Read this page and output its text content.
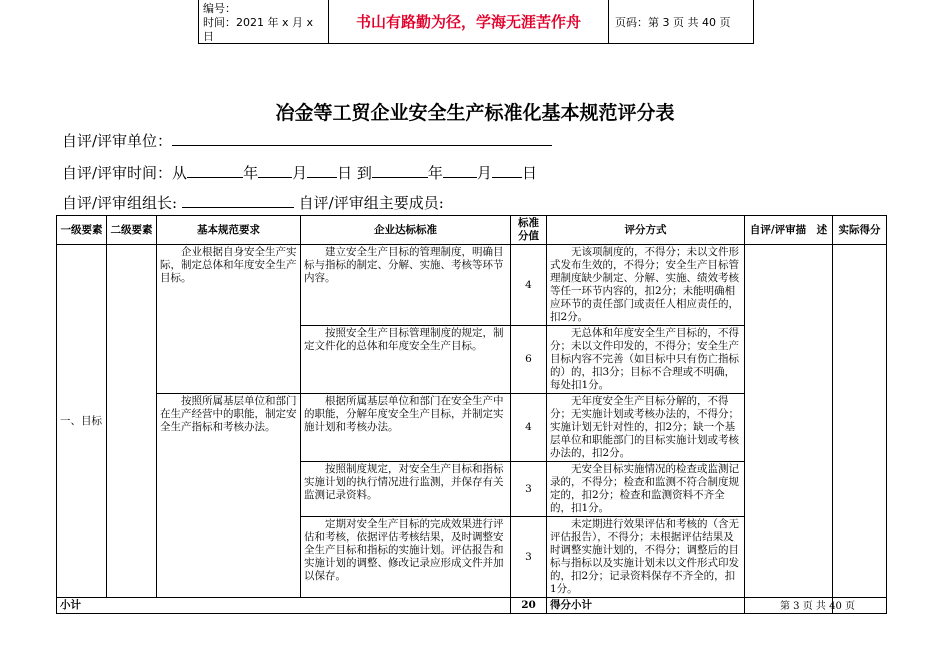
编号：
时间：2021 年 x 月 x 日
书山有路勤为径，学海无涯苦作舟	页码：第 3 页 共 40 页
冶金等工贸企业安全生产标准化基本规范评分表
自评/评审单位：
自评/评审时间：从	年 月 日 到	年 月 日
自评/评审组组长:	自评/评审组主要成员:
一级要素	二级要素	基本规范要求	企业达标标准	标准分值	评分方式	自评/评审描　述	实际得分
一、目标		企业根据自身安全生产实际，制定总体和年度安全生产目标。	建立安全生产目标的管理制度，明确目标与指标的制定、分解、实施、考核等环节内容。	4	无该项制度的，不得分；未以文件形式发布生效的，不得分；安全生产目标管理制度缺少制定、分解、实施、绩效考核等任一环节内容的，扣2分；未能明确相应环节的责任部门或责任人相应责任的，扣2分。		
			按照安全生产目标管理制度的规定，制定文件化的总体和年度安全生产目标。	6	无总体和年度安全生产目标的，不得分；未以文件印发的，不得分；安全生产目标内容不完善（如目标中只有伤亡指标的）的，扣3分；目标不合理或不明确，每处扣1分。		
		按照所属基层单位和部门在生产经营中的职能，制定安全生产指标和考核办法。	根据所属基层单位和部门在安全生产中的职能，分解年度安全生产目标，并制定实施计划和考核办法。	4	无年度安全生产目标分解的，不得分；无实施计划或考核办法的，不得分；实施计划无针对性的，扣2分；缺一个基层单位和职能部门的目标实施计划或考核办法的，扣2分。		
			按照制度规定，对安全生产目标和指标实施计划的执行情况进行监测，并保存有关监测记录资料。	3	无安全目标实施情况的检查或监测记录的，不得分；检查和监测不符合制度规定的，扣2分；检查和监测资料不齐全的，扣1分。		
			定期对安全生产目标的完成效果进行评估和考核，依据评估考核结果，及时调整安全生产目标和指标的实施计划。评估报告和实施计划的调整、修改记录应形成文件并加以保存。	3	未定期进行效果评估和考核的（含无评估报告），不得分；未根据评估结果及时调整实施计划的，不得分；调整后的目标与指标以及实施计划未以文件形式印发的，扣2分；记录资料保存不齐全的，扣1分。		
小计				20	得分小计			第 3 页 共 40 页
